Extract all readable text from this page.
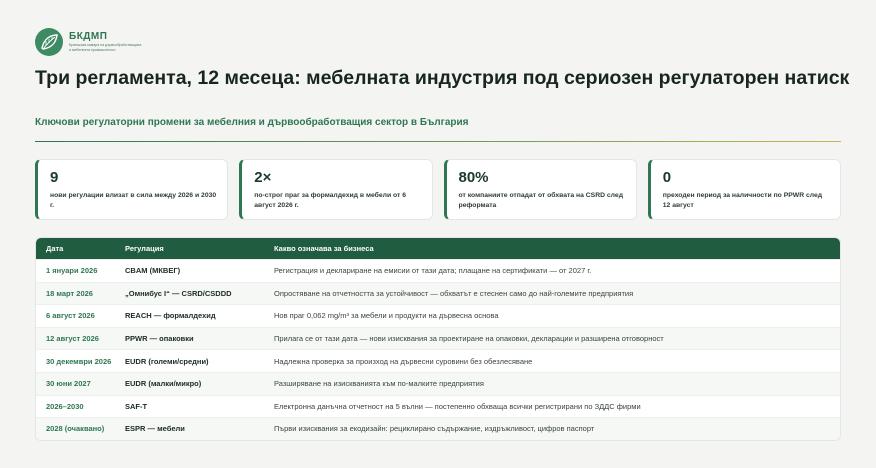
БКДМП
Браншова камара на дървообработващата и мебелната промишленост
Три регламента, 12 месеца: мебелната индустрия под сериозен регулаторен натиск
Ключови регулаторни промени за мебелния и дървообработващия сектор в България
9
нови регулации влизат в сила между 2026 и 2030 г.
2×
по-строг праг за формалдехид в мебели от 6 август 2026 г.
80%
от компаниите отпадат от обхвата на CSRD след реформата
0
преходен период за наличности по PPWR след 12 август
Дата	Регулация	Какво означава за бизнеса
1 януари 2026	CBAM (МКВЕГ)	Регистрация и деклариране на емисии от тази дата; плащане на сертификати — от 2027 г.
18 март 2026	„Омнибус I“ — CSRD/CSDDD	Опростяване на отчетността за устойчивост — обхватът е стеснен само до най-големите предприятия
6 август 2026	REACH — формалдехид	Нов праг 0,062 mg/m³ за мебели и продукти на дървесна основа
12 август 2026	PPWR — опаковки	Прилага се от тази дата — нови изисквания за проектиране на опаковки, декларации и разширена отговорност
30 декември 2026	EUDR (големи/средни)	Надлежна проверка за произход на дървесни суровини без обезлесяване
30 юни 2027	EUDR (малки/микро)	Разширяване на изискванията към по-малките предприятия
2026–2030	SAF-T	Електронна данъчна отчетност на 5 вълни — постепенно обхваща всички регистрирани по ЗДДС фирми
2028 (очаквано)	ESPR — мебели	Първи изисквания за екодизайн: рециклирано съдържание, издръжливост, цифров паспорт
